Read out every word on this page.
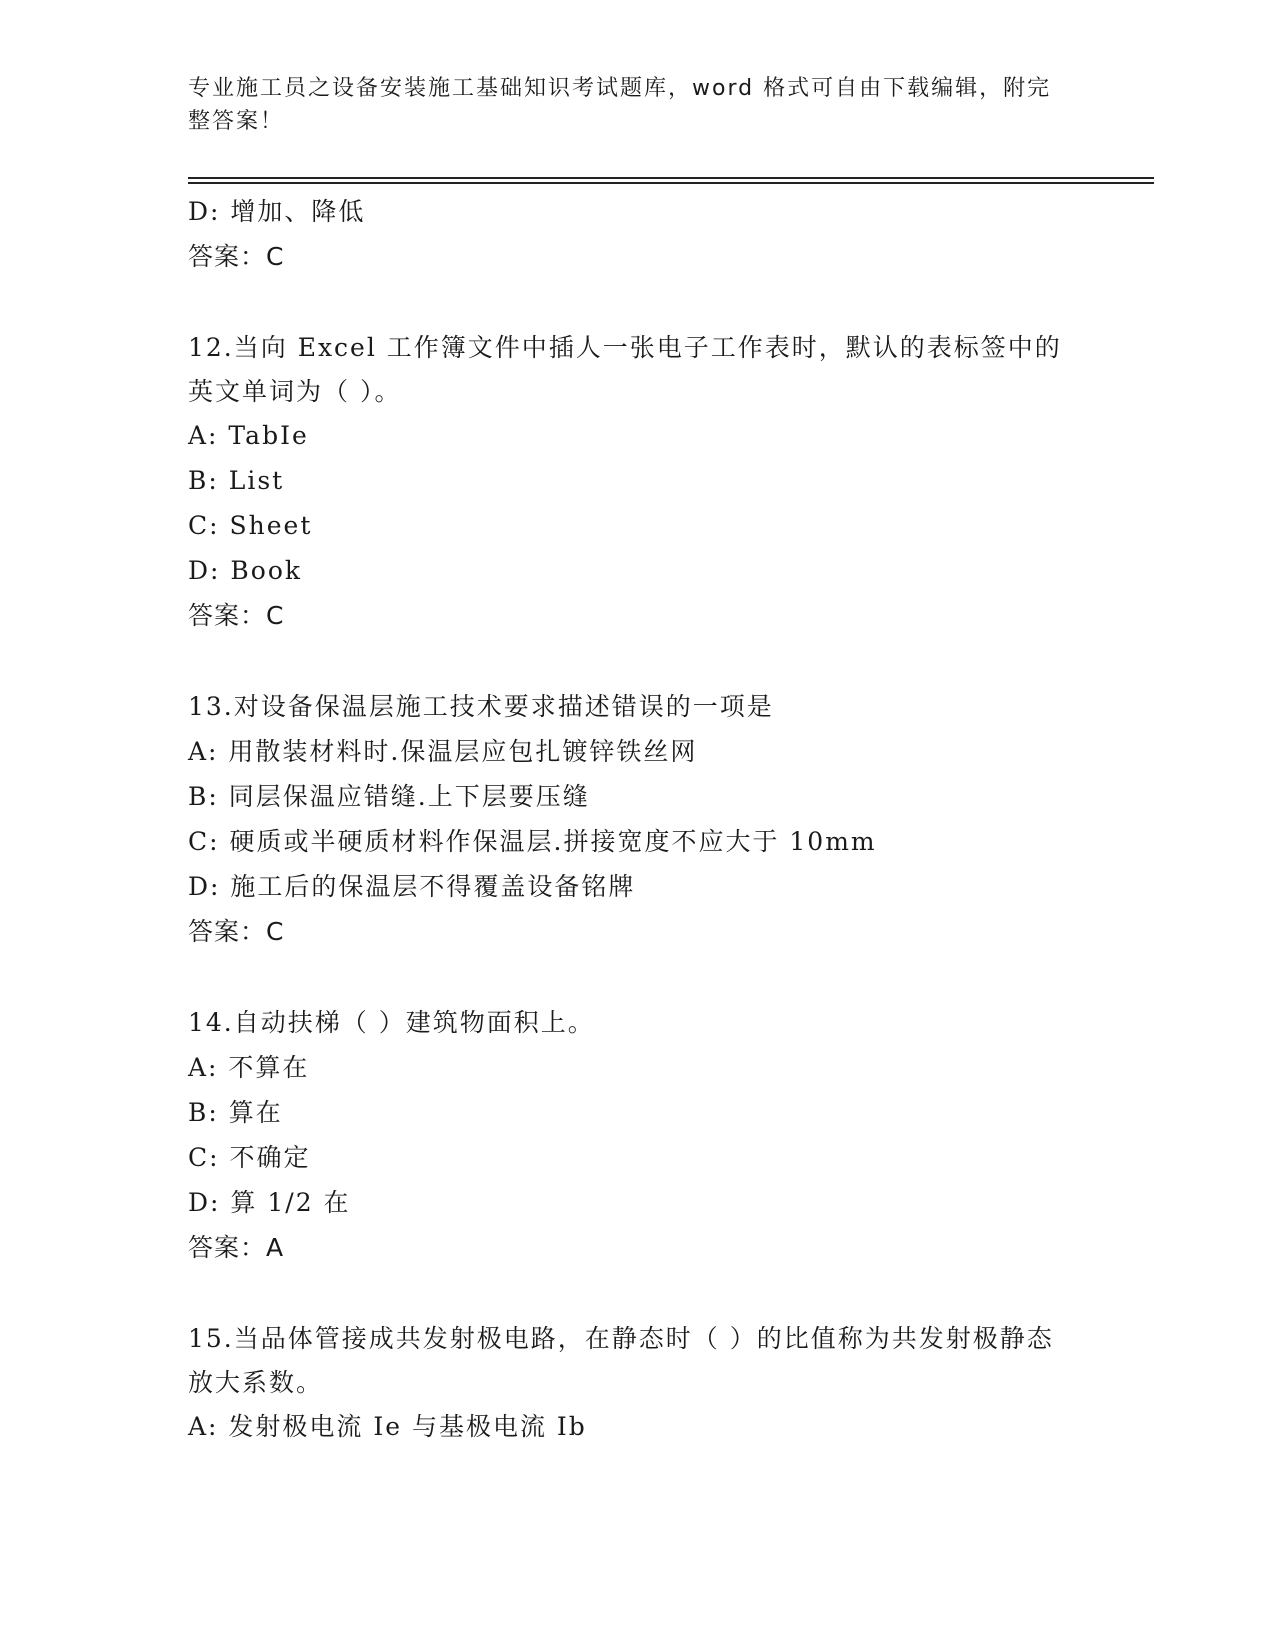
专业施工员之设备安装施工基础知识考试题库，word 格式可自由下载编辑，附完整答案！
D: 增加、降低
答案：C
12.当向 Excel 工作簿文件中插人一张电子工作表时，默认的表标签中的英文单词为（ ）。
A: TabIe
B: List
C: Sheet
D: Book
答案：C
13.对设备保温层施工技术要求描述错误的一项是
A: 用散装材料时.保温层应包扎镀锌铁丝网
B: 同层保温应错缝.上下层要压缝
C: 硬质或半硬质材料作保温层.拼接宽度不应大于 10mm
D: 施工后的保温层不得覆盖设备铭牌
答案：C
14.自动扶梯（ ）建筑物面积上。
A: 不算在
B: 算在
C: 不确定
D: 算 1/2 在
答案：A
15.当品体管接成共发射极电路，在静态时（ ）的比值称为共发射极静态放大系数。
A: 发射极电流 Ie 与基极电流 Ib
